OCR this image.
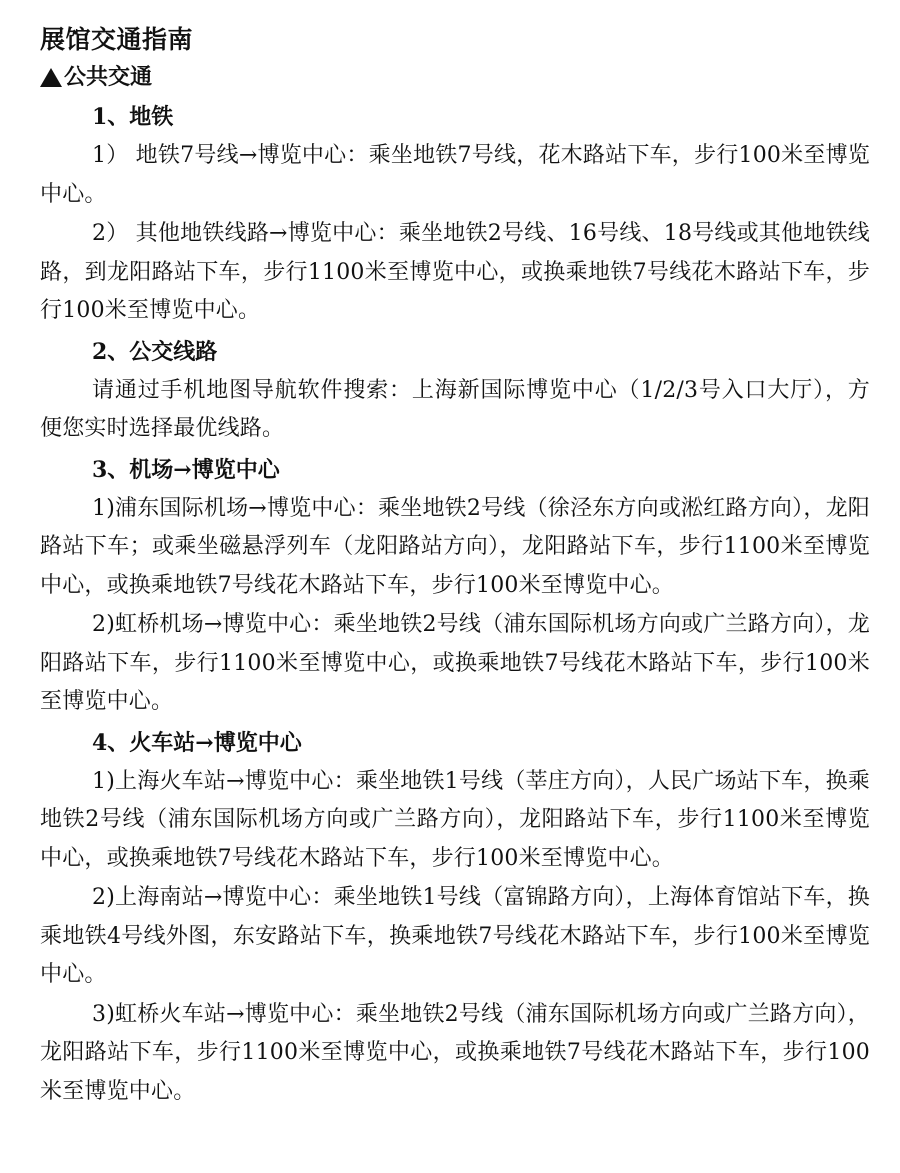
展馆交通指南
公共交通
1、地铁
1） 地铁7号线→博览中心：乘坐地铁7号线，花木路站下车，步行100米至博览中心。
2） 其他地铁线路→博览中心：乘坐地铁2号线、16号线、18号线或其他地铁线路，到龙阳路站下车，步行1100米至博览中心，或换乘地铁7号线花木路站下车，步行100米至博览中心。
2、公交线路
请通过手机地图导航软件搜索：上海新国际博览中心（1/2/3号入口大厅），方便您实时选择最优线路。
3、机场→博览中心
1)浦东国际机场→博览中心：乘坐地铁2号线（徐泾东方向或淞红路方向），龙阳路站下车；或乘坐磁悬浮列车（龙阳路站方向），龙阳路站下车，步行1100米至博览中心，或换乘地铁7号线花木路站下车，步行100米至博览中心。
2)虹桥机场→博览中心：乘坐地铁2号线（浦东国际机场方向或广兰路方向），龙阳路站下车，步行1100米至博览中心，或换乘地铁7号线花木路站下车，步行100米至博览中心。
4、火车站→博览中心
1)上海火车站→博览中心：乘坐地铁1号线（莘庄方向），人民广场站下车，换乘地铁2号线（浦东国际机场方向或广兰路方向），龙阳路站下车，步行1100米至博览中心，或换乘地铁7号线花木路站下车，步行100米至博览中心。
2)上海南站→博览中心：乘坐地铁1号线（富锦路方向），上海体育馆站下车，换乘地铁4号线外图，东安路站下车，换乘地铁7号线花木路站下车，步行100米至博览中心。
3)虹桥火车站→博览中心：乘坐地铁2号线（浦东国际机场方向或广兰路方向），龙阳路站下车，步行1100米至博览中心，或换乘地铁7号线花木路站下车，步行100米至博览中心。
